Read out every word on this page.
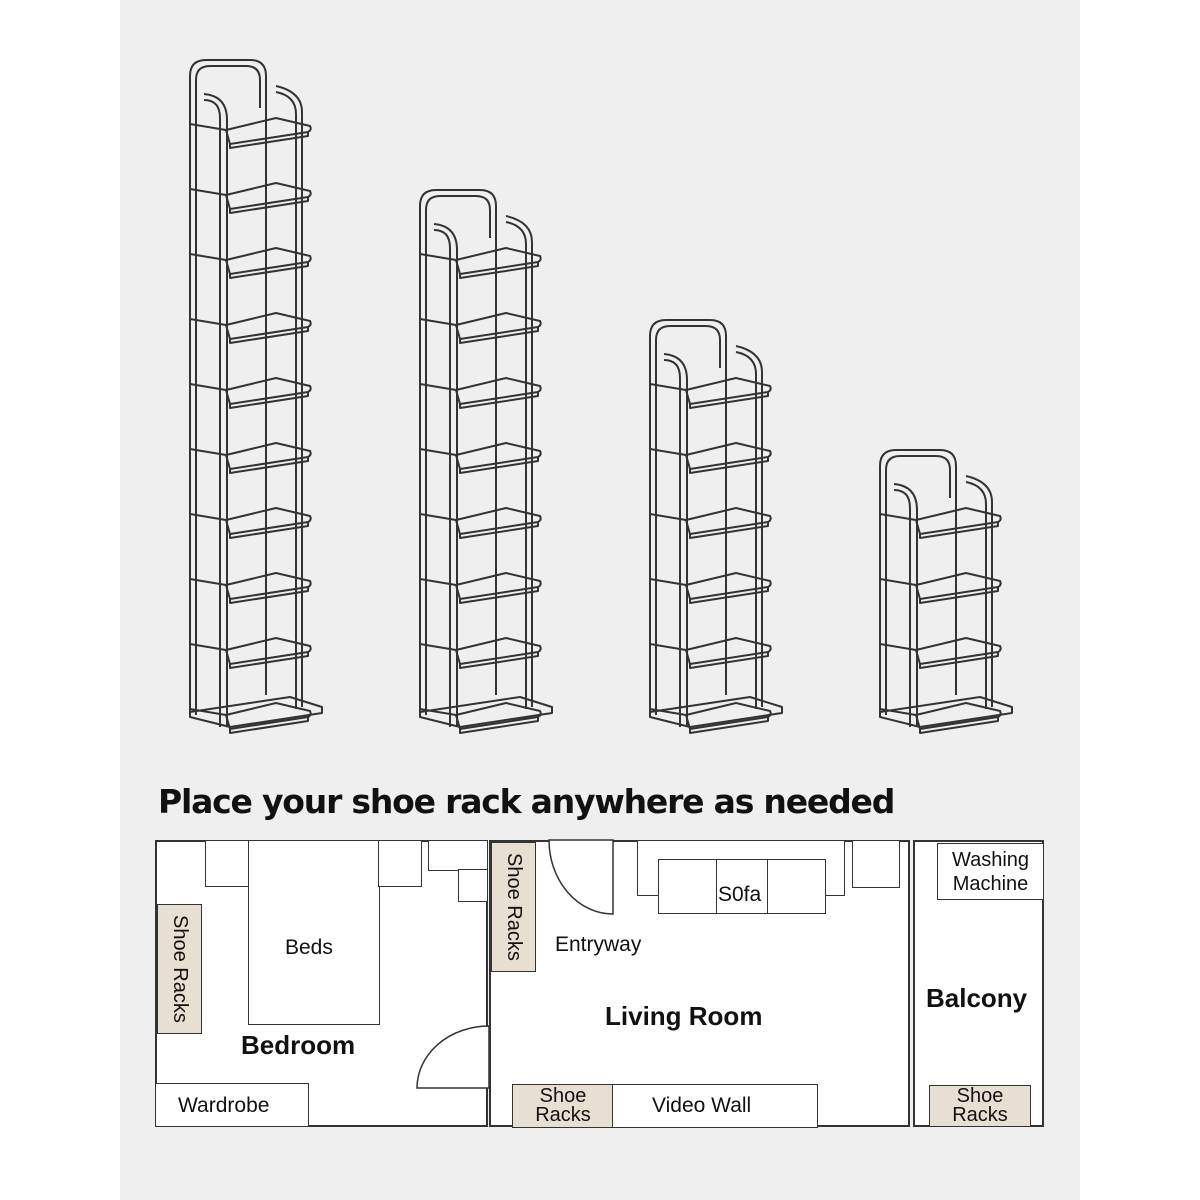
Place your shoe rack anywhere as needed
Beds
Shoe Racks
Bedroom
Wardrobe
Shoe Racks	Entryway
S0fa
Living Room
Shoe
Racks	Video Wall
Washing
Machine
Balcony
Shoe
Racks
